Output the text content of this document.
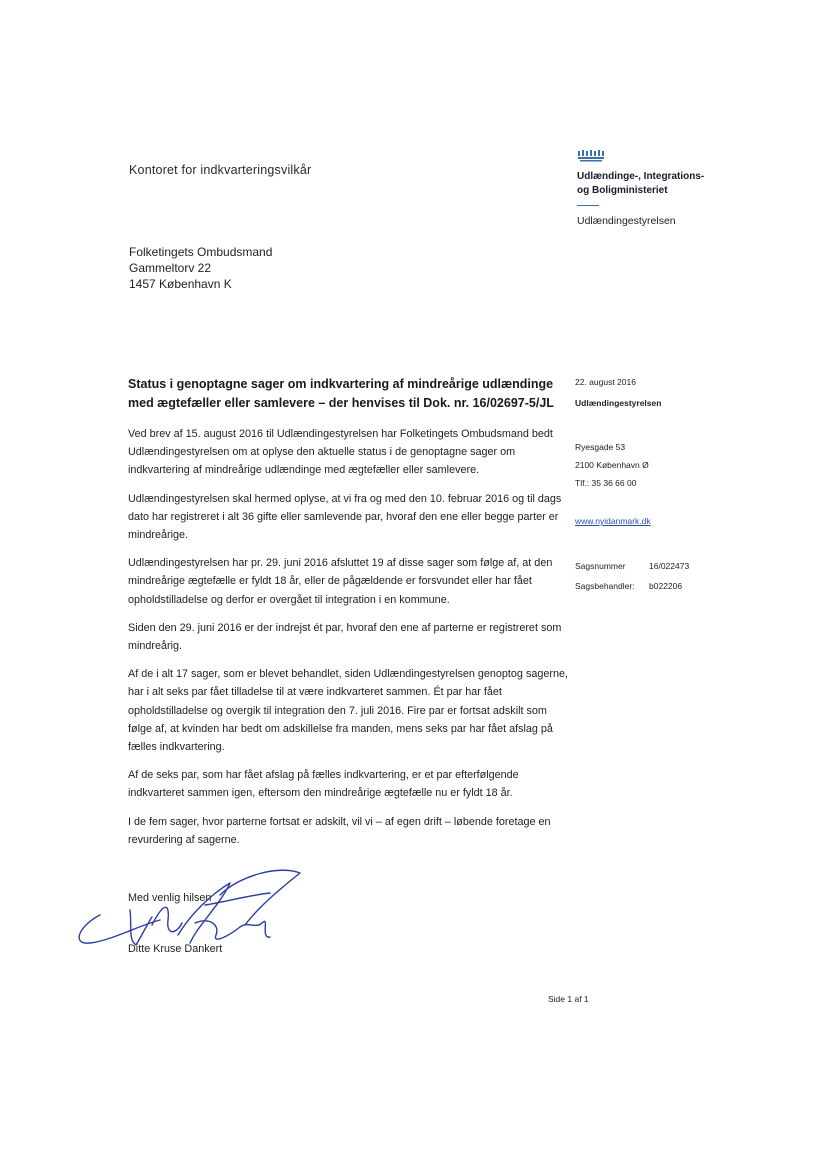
Kontoret for indkvarteringsvilkår	Udlændinge-, Integrations-
og Boligministeriet
Udlændingestyrelsen
Folketingets Ombudsmand
Gammeltorv 22
1457 København K
Status i genoptagne sager om indkvartering af mindreårige udlændinge med ægtefæller eller samlevere – der henvises til Dok. nr. 16/02697-5/JL

Ved brev af 15. august 2016 til Udlændingestyrelsen har Folketingets Ombudsmand bedt Udlændingestyrelsen om at oplyse den aktuelle status i de genoptagne sager om indkvartering af mindreårige udlændinge med ægtefæller eller samlevere.

Udlændingestyrelsen skal hermed oplyse, at vi fra og med den 10. februar 2016 og til dags dato har registreret i alt 36 gifte eller samlevende par, hvoraf den ene eller begge parter er mindreårige.

Udlændingestyrelsen har pr. 29. juni 2016 afsluttet 19 af disse sager som følge af, at den mindreårige ægtefælle er fyldt 18 år, eller de pågældende er forsvundet eller har fået opholdstilladelse og derfor er overgået til integration i en kommune.

Siden den 29. juni 2016 er der indrejst ét par, hvoraf den ene af parterne er registreret som mindreårig.

Af de i alt 17 sager, som er blevet behandlet, siden Udlændingestyrelsen genoptog sagerne, har i alt seks par fået tilladelse til at være indkvarteret sammen. Ét par har fået opholdstilladelse og overgik til integration den 7. juli 2016. Fire par er fortsat adskilt som følge af, at kvinden har bedt om adskillelse fra manden, mens seks par har fået afslag på fælles indkvartering.

Af de seks par, som har fået afslag på fælles indkvartering, er et par efterfølgende indkvarteret sammen igen, eftersom den mindreårige ægtefælle nu er fyldt 18 år.

I de fem sager, hvor parterne fortsat er adskilt, vil vi – af egen drift – løbende foretage en revurdering af sagerne.

22. august 2016
Udlændingestyrelsen
Ryesgade 53
2100 København Ø
Tlf.: 35 36 66 00
www.nyidanmark.dk
Sagsnummer	16/022473
Sagsbehandler:	b022206
Med venlig hilsen
Ditte Kruse Dankert
Side 1 af 1
